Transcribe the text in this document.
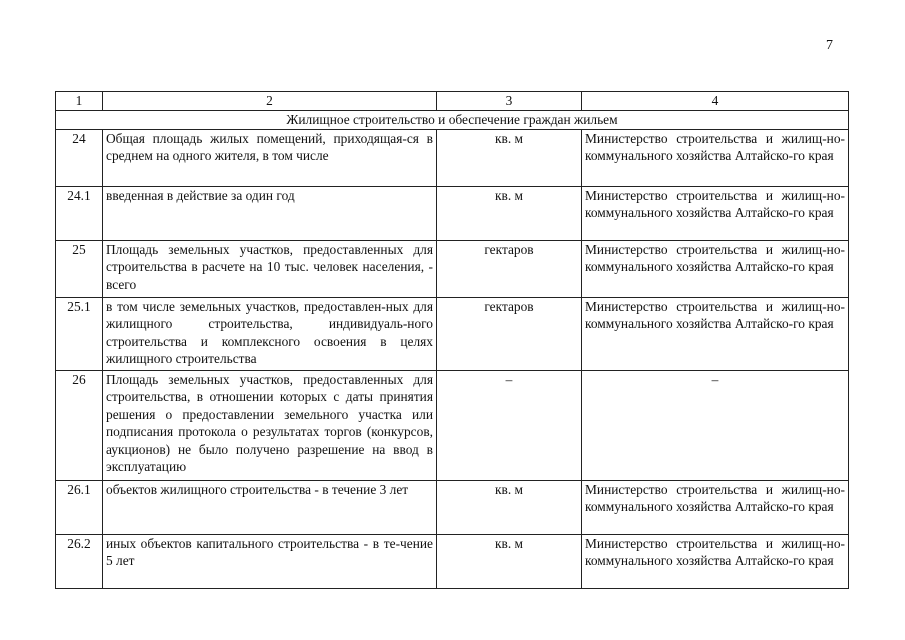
7
1	2	3	4
Жилищное строительство и обеспечение граждан жильем			
24	Общая площадь жилых помещений, приходящая-ся в среднем на одного жителя, в том числе	кв. м	Министерство строительства и жилищ-но-коммунального хозяйства Алтайско-го края
24.1	введенная в действие за один год	кв. м	Министерство строительства и жилищ-но-коммунального хозяйства Алтайско-го края
25	Площадь земельных участков, предоставленных для строительства в расчете на 10 тыс. человек населения, - всего	гектаров	Министерство строительства и жилищ-но-коммунального хозяйства Алтайско-го края
25.1	в том числе земельных участков, предоставлен-ных для жилищного строительства, индивидуаль-ного строительства и комплексного освоения в целях жилищного строительства	гектаров	Министерство строительства и жилищ-но-коммунального хозяйства Алтайско-го края
26	Площадь земельных участков, предоставленных для строительства, в отношении которых с даты принятия решения о предоставлении земельного участка или подписания протокола о результатах торгов (конкурсов, аукционов) не было получено разрешение на ввод в эксплуатацию	–	–
26.1	объектов жилищного строительства - в течение 3 лет	кв. м	Министерство строительства и жилищ-но-коммунального хозяйства Алтайско-го края
26.2	иных объектов капитального строительства - в те-чение 5 лет	кв. м	Министерство строительства и жилищ-но-коммунального хозяйства Алтайско-го края
